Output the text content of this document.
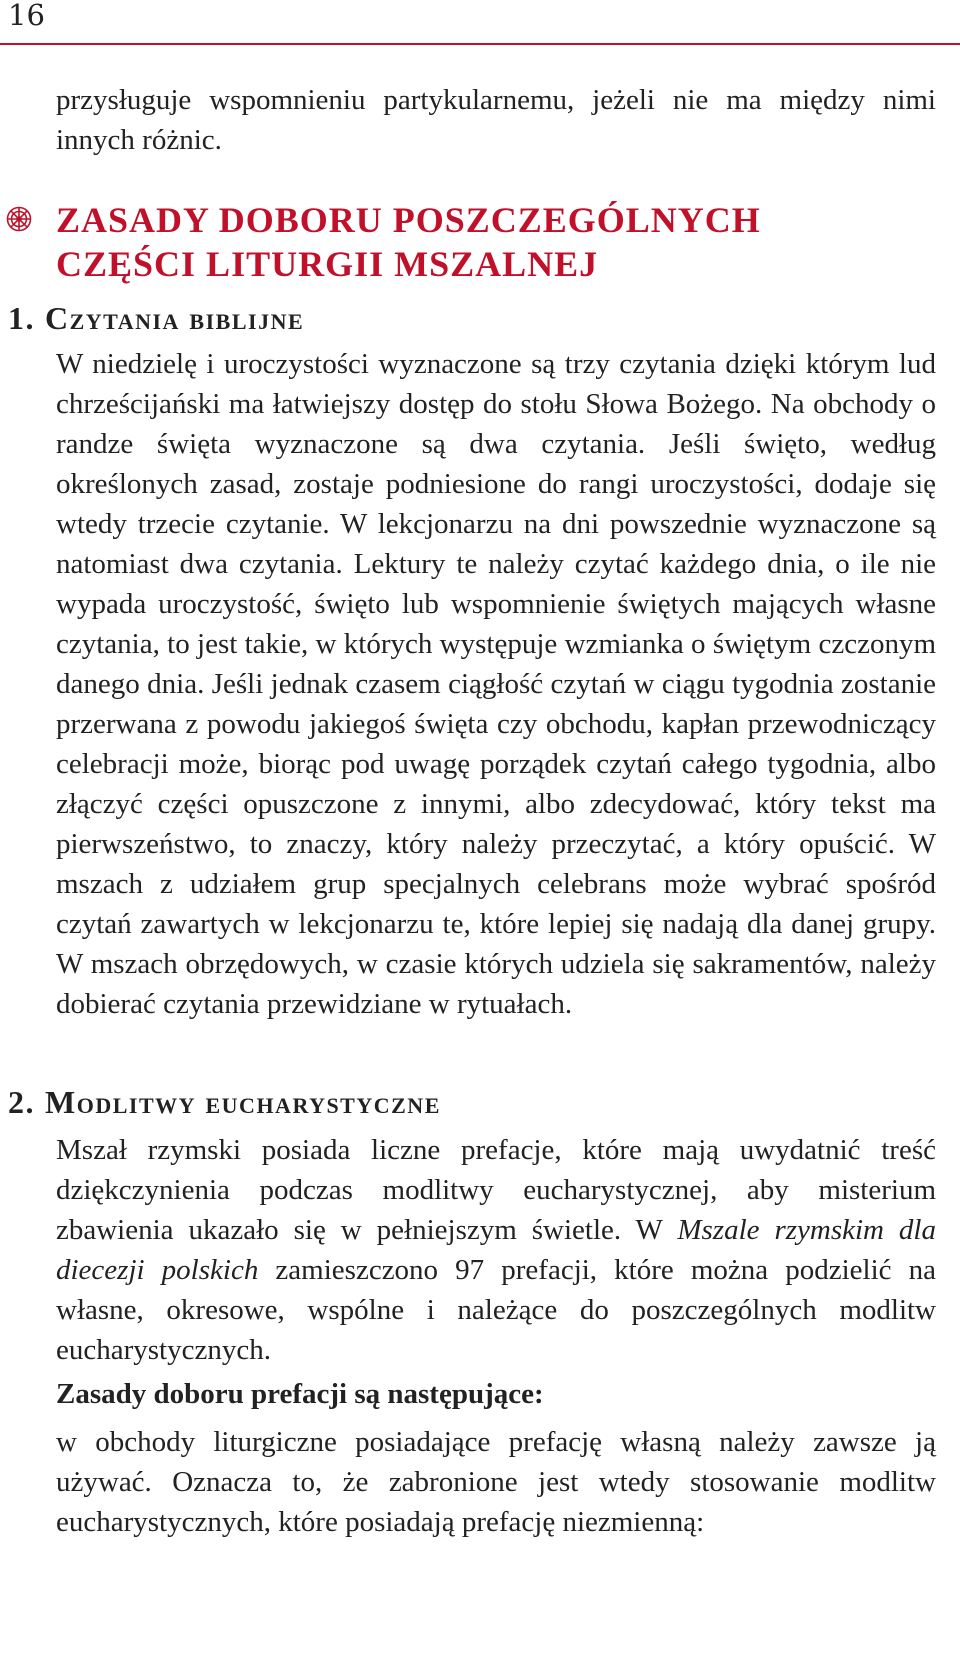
16

przysługuje wspomnieniu partykularnemu, jeżeli nie ma między nimi innych różnic.

ZASADY DOBORU POSZCZEGÓLNYCH
CZĘŚCI LITURGII MSZALNEJ
1. Czytania biblijne

W niedzielę i uroczystości wyznaczone są trzy czytania dzięki którym lud chrześcijański ma łatwiejszy dostęp do stołu Słowa Bożego. Na obchody o randze święta wyznaczone są dwa czytania. Jeśli święto, według określonych zasad, zostaje podniesione do rangi uroczystości, dodaje się wtedy trzecie czytanie. W lekcjonarzu na dni powszednie wyznaczone są natomiast dwa czytania. Lektury te należy czytać każdego dnia, o ile nie wypada uroczystość, święto lub wspomnienie świętych mających własne czytania, to jest takie, w których występuje wzmianka o świętym czczonym danego dnia. Jeśli jednak czasem ciągłość czytań w ciągu tygodnia zostanie przerwana z powodu jakiegoś święta czy obchodu, kapłan przewodniczący celebracji może, biorąc pod uwagę porządek czytań całego tygodnia, albo złączyć części opuszczone z innymi, albo zdecydować, który tekst ma pierwszeństwo, to znaczy, który należy przeczytać, a który opuścić. W mszach z udziałem grup specjalnych celebrans może wybrać spośród czytań zawartych w lekcjonarzu te, które lepiej się nadają dla danej grupy. W mszach obrzędowych, w czasie których udziela się sakramentów, należy dobierać czytania przewidziane w rytuałach.

2. Modlitwy eucharystyczne

Mszał rzymski posiada liczne prefacje, które mają uwydatnić treść dziękczynienia podczas modlitwy eucharystycznej, aby misterium zbawienia ukazało się w pełniejszym świetle. W Mszale rzymskim dla diecezji polskich zamieszczono 97 prefacji, które można podzielić na własne, okresowe, wspólne i należące do poszczególnych modlitw eucharystycznych.

Zasady doboru prefacji są następujące:

w obchody liturgiczne posiadające prefację własną należy zawsze ją używać. Oznacza to, że zabronione jest wtedy stosowanie modlitw eucharystycznych, które posiadają prefację niezmienną:
